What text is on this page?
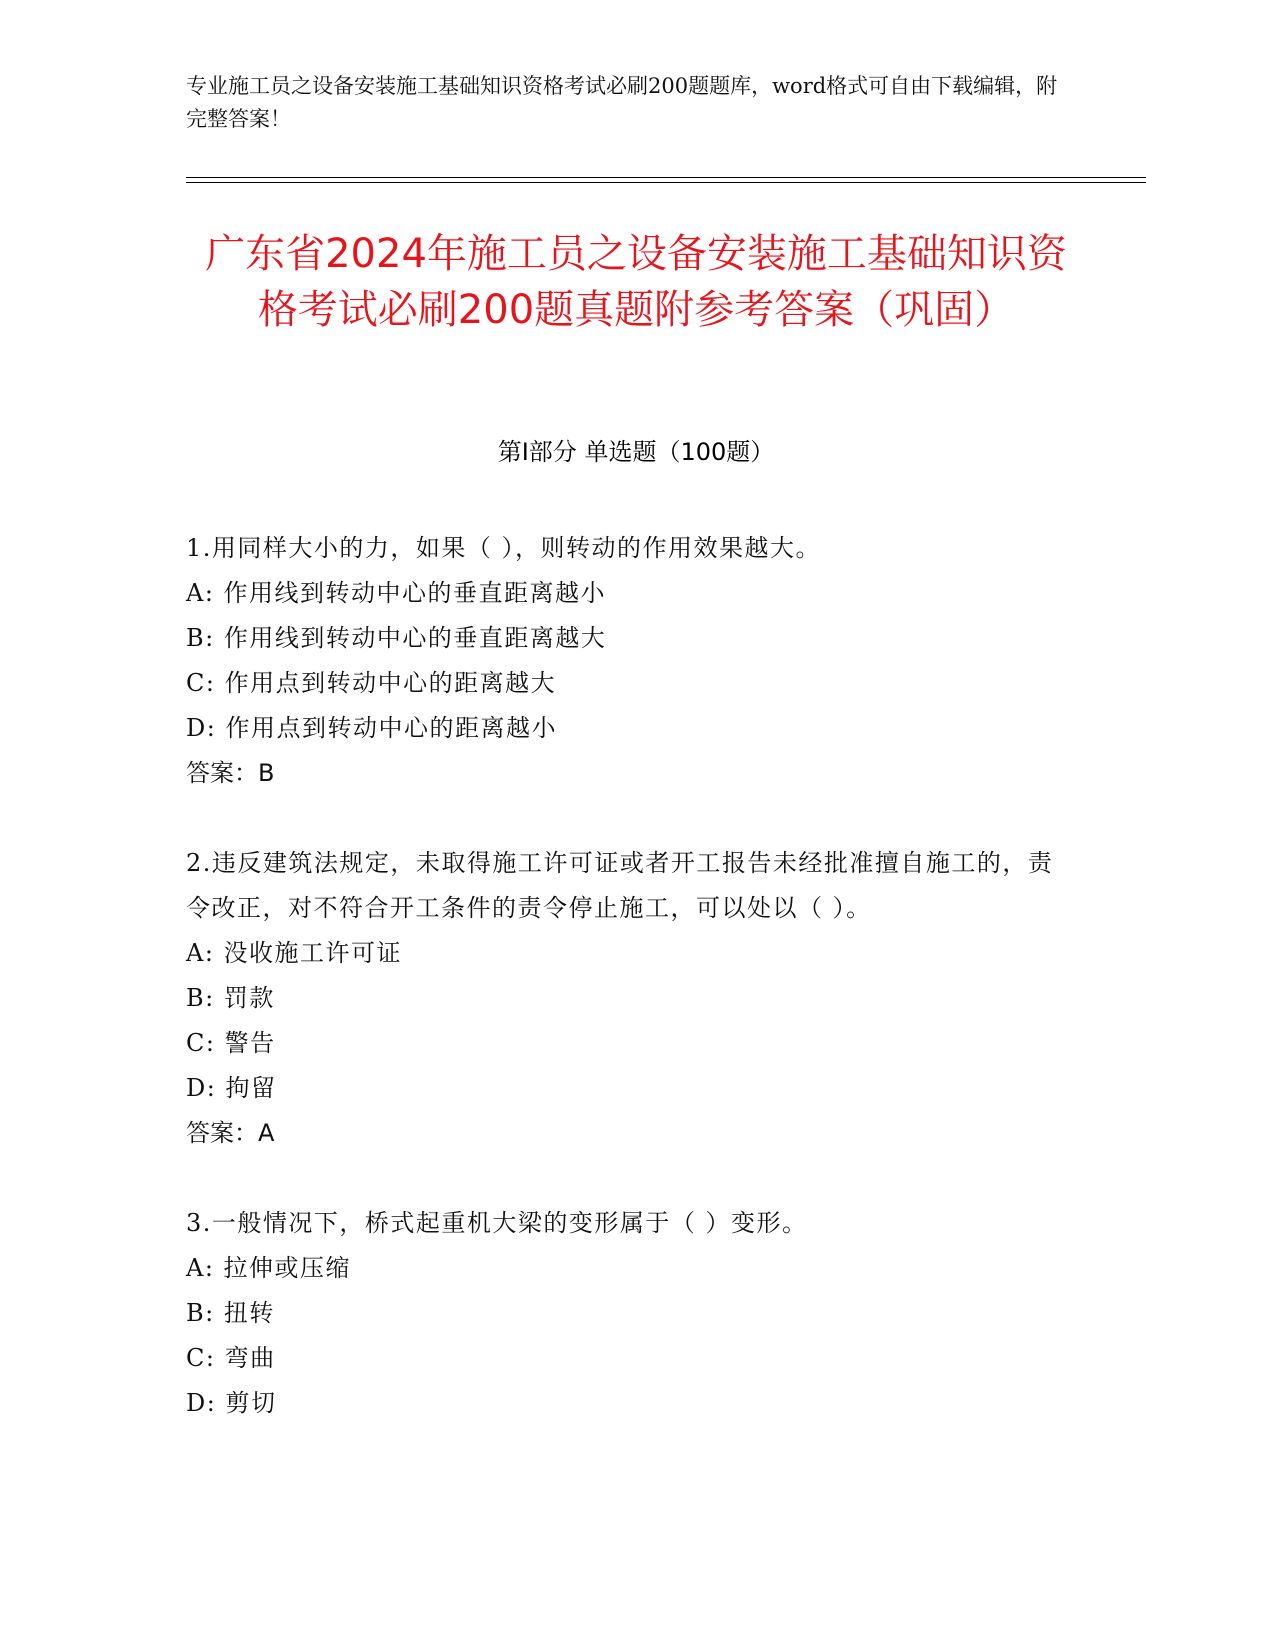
专业施工员之设备安装施工基础知识资格考试必刷200题题库，word格式可自由下载编辑，附完整答案！
广东省2024年施工员之设备安装施工基础知识资格考试必刷200题真题附参考答案（巩固）
第Ⅰ部分 单选题（100题）
1.用同样大小的力，如果（ ），则转动的作用效果越大。
A: 作用线到转动中心的垂直距离越小
B: 作用线到转动中心的垂直距离越大
C: 作用点到转动中心的距离越大
D: 作用点到转动中心的距离越小
答案：B
2.违反建筑法规定，未取得施工许可证或者开工报告未经批准擅自施工的，责令改正，对不符合开工条件的责令停止施工，可以处以（ ）。
A: 没收施工许可证
B: 罚款
C: 警告
D: 拘留
答案：A
3.一般情况下，桥式起重机大梁的变形属于（ ）变形。
A: 拉伸或压缩
B: 扭转
C: 弯曲
D: 剪切
